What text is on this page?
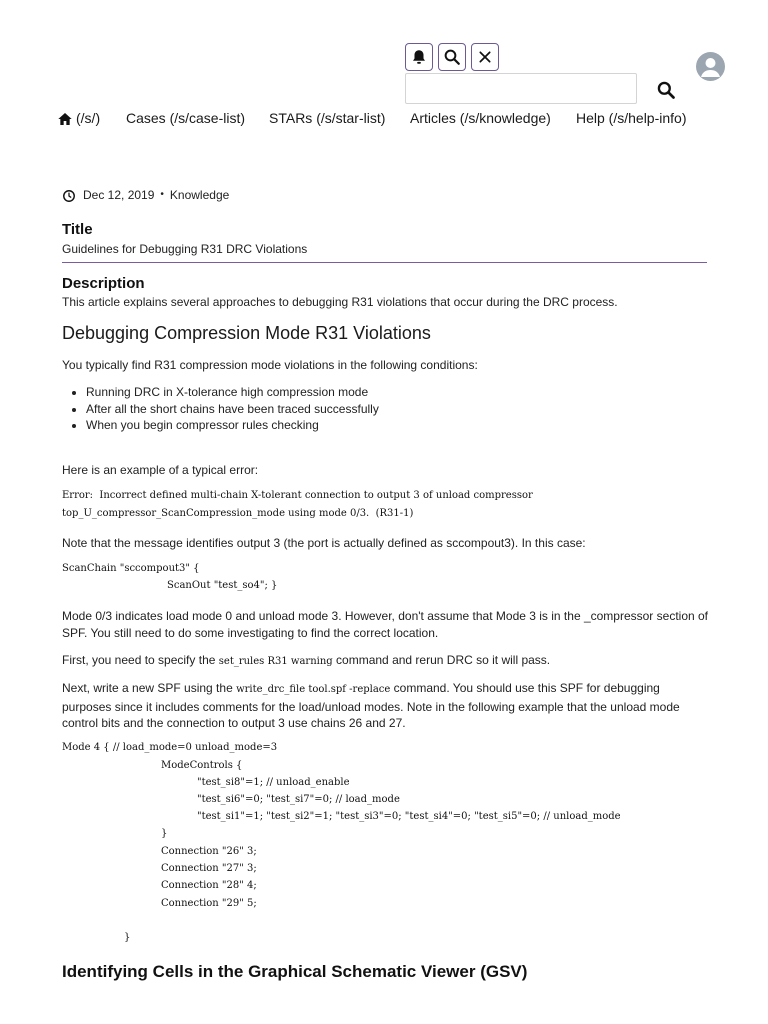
(/s/) Cases (/s/case-list) STARs (/s/star-list) Articles (/s/knowledge) Help (/s/help-info)
Dec 12, 2019 • Knowledge
Title
Guidelines for Debugging R31 DRC Violations
Description
This article explains several approaches to debugging R31 violations that occur during the DRC process.
Debugging Compression Mode R31 Violations
You typically find R31 compression mode violations in the following conditions:
• Running DRC in X-tolerance high compression mode
• After all the short chains have been traced successfully
• When you begin compressor rules checking
Here is an example of a typical error:
Error:  Incorrect defined multi-chain X-tolerant connection to output 3 of unload compressor
top_U_compressor_ScanCompression_mode using mode 0/3.  (R31-1)
Note that the message identifies output 3 (the port is actually defined as sccompout3). In this case:
ScanChain "sccompout3" {
ScanOut "test_so4"; }
Mode 0/3 indicates load mode 0 and unload mode 3. However, don't assume that Mode 3 is in the _compressor section of SPF. You still need to do some investigating to find the correct location.
First, you need to specify the set_rules R31 warning command and rerun DRC so it will pass.
Next, write a new SPF using the write_drc_file tool.spf -replace command. You should use this SPF for debugging purposes since it includes comments for the load/unload modes. Note in the following example that the unload mode control bits and the connection to output 3 use chains 26 and 27.
Mode 4 { // load_mode=0 unload_mode=3
ModeControls {
"test_si8"=1; // unload_enable
"test_si6"=0; "test_si7"=0; // load_mode
"test_si1"=1; "test_si2"=1; "test_si3"=0; "test_si4"=0; "test_si5"=0; // unload_mode
}
Connection "26" 3;
Connection "27" 3;
Connection "28" 4;
Connection "29" 5;
}
Identifying Cells in the Graphical Schematic Viewer (GSV)
